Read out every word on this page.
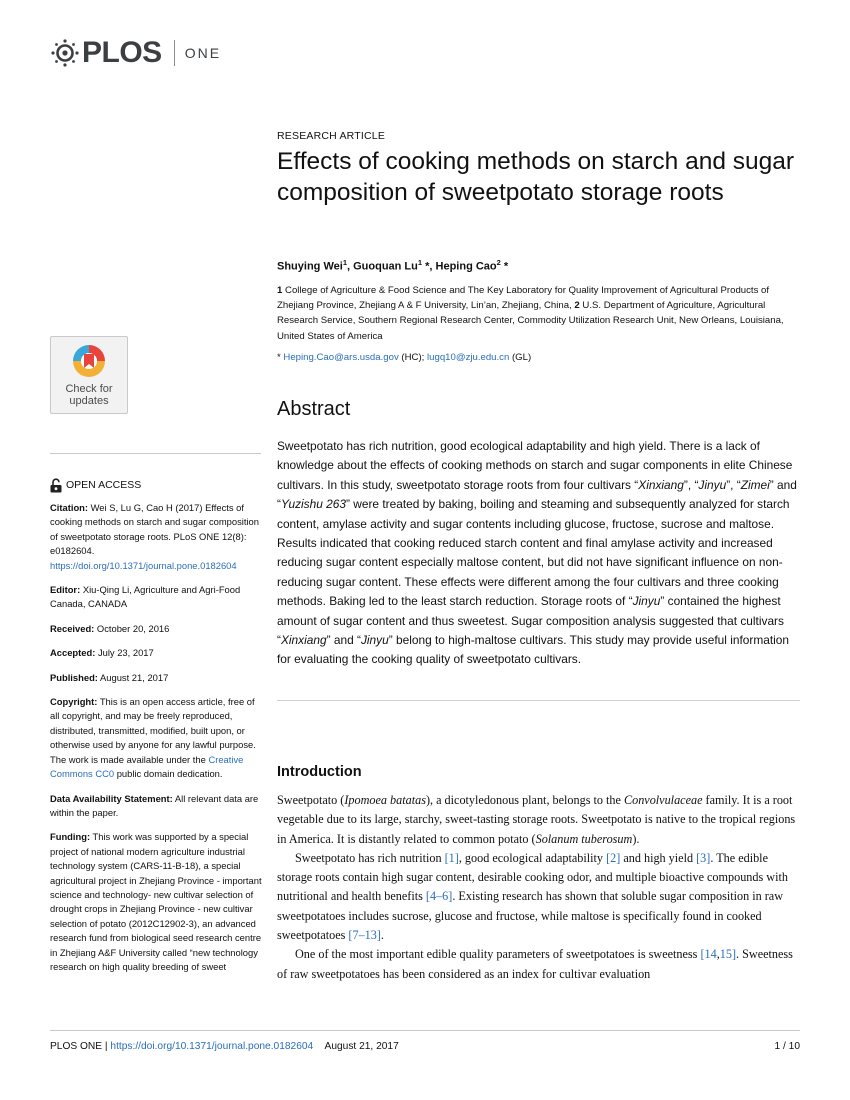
PLOS ONE
Check for
updates

OPEN ACCESS

Citation: Wei S, Lu G, Cao H (2017) Effects of cooking methods on starch and sugar composition of sweetpotato storage roots. PLoS ONE 12(8): e0182604. https://doi.org/10.1371/journal.pone.0182604

Editor: Xiu-Qing Li, Agriculture and Agri-Food Canada, CANADA

Received: October 20, 2016

Accepted: July 23, 2017

Published: August 21, 2017

Copyright: This is an open access article, free of all copyright, and may be freely reproduced, distributed, transmitted, modified, built upon, or otherwise used by anyone for any lawful purpose. The work is made available under the Creative Commons CC0 public domain dedication.

Data Availability Statement: All relevant data are within the paper.

Funding: This work was supported by a special project of national modern agriculture industrial technology system (CARS-11-B-18), a special agricultural project in Zhejiang Province - important science and technology- new cultivar selection of drought crops in Zhejiang Province - new cultivar selection of potato (2012C12902-3), an advanced research fund from biological seed research centre in Zhejiang A&F University called “new technology research on high quality breeding of sweet

RESEARCH ARTICLE
Effects of cooking methods on starch and sugar composition of sweetpotato storage roots
Shuying Wei$^1$, Guoquan Lu$^1$ *, Heping Cao$^2$ *
1 College of Agriculture & Food Science and The Key Laboratory for Quality Improvement of Agricultural Products of Zhejiang Province, Zhejiang A & F University, Lin’an, Zhejiang, China, 2 U.S. Department of Agriculture, Agricultural Research Service, Southern Regional Research Center, Commodity Utilization Research Unit, New Orleans, Louisiana, United States of America
* Heping.Cao@ars.usda.gov (HC); lugq10@zju.edu.cn (GL)
Abstract

Sweetpotato has rich nutrition, good ecological adaptability and high yield. There is a lack of knowledge about the effects of cooking methods on starch and sugar components in elite Chinese cultivars. In this study, sweetpotato storage roots from four cultivars “Xinxiang”, “Jinyu”, “Zimei” and “Yuzishu 263” were treated by baking, boiling and steaming and subsequently analyzed for starch content, amylase activity and sugar contents including glucose, fructose, sucrose and maltose. Results indicated that cooking reduced starch content and final amylase activity and increased reducing sugar content especially maltose content, but did not have significant influence on non-reducing sugar content. These effects were different among the four cultivars and three cooking methods. Baking led to the least starch reduction. Storage roots of “Jinyu” contained the highest amount of sugar content and thus sweetest. Sugar composition analysis suggested that cultivars “Xinxiang” and “Jinyu” belong to high-maltose cultivars. This study may provide useful information for evaluating the cooking quality of sweetpotato cultivars.

Introduction

Sweetpotato (Ipomoea batatas), a dicotyledonous plant, belongs to the Convolvulaceae family. It is a root vegetable due to its large, starchy, sweet-tasting storage roots. Sweetpotato is native to the tropical regions in America. It is distantly related to common potato (Solanum tuberosum).

Sweetpotato has rich nutrition [1], good ecological adaptability [2] and high yield [3]. The edible storage roots contain high sugar content, desirable cooking odor, and multiple bioactive compounds with nutritional and health benefits [4–6]. Existing research has shown that soluble sugar composition in raw sweetpotatoes includes sucrose, glucose and fructose, while maltose is specifically found in cooked sweetpotatoes [7–13].

One of the most important edible quality parameters of sweetpotatoes is sweetness [14,15]. Sweetness of raw sweetpotatoes has been considered as an index for cultivar evaluation

PLOS ONE |
https://doi.org/10.1371/journal.pone.0182604
August 21, 2017	1 / 10
